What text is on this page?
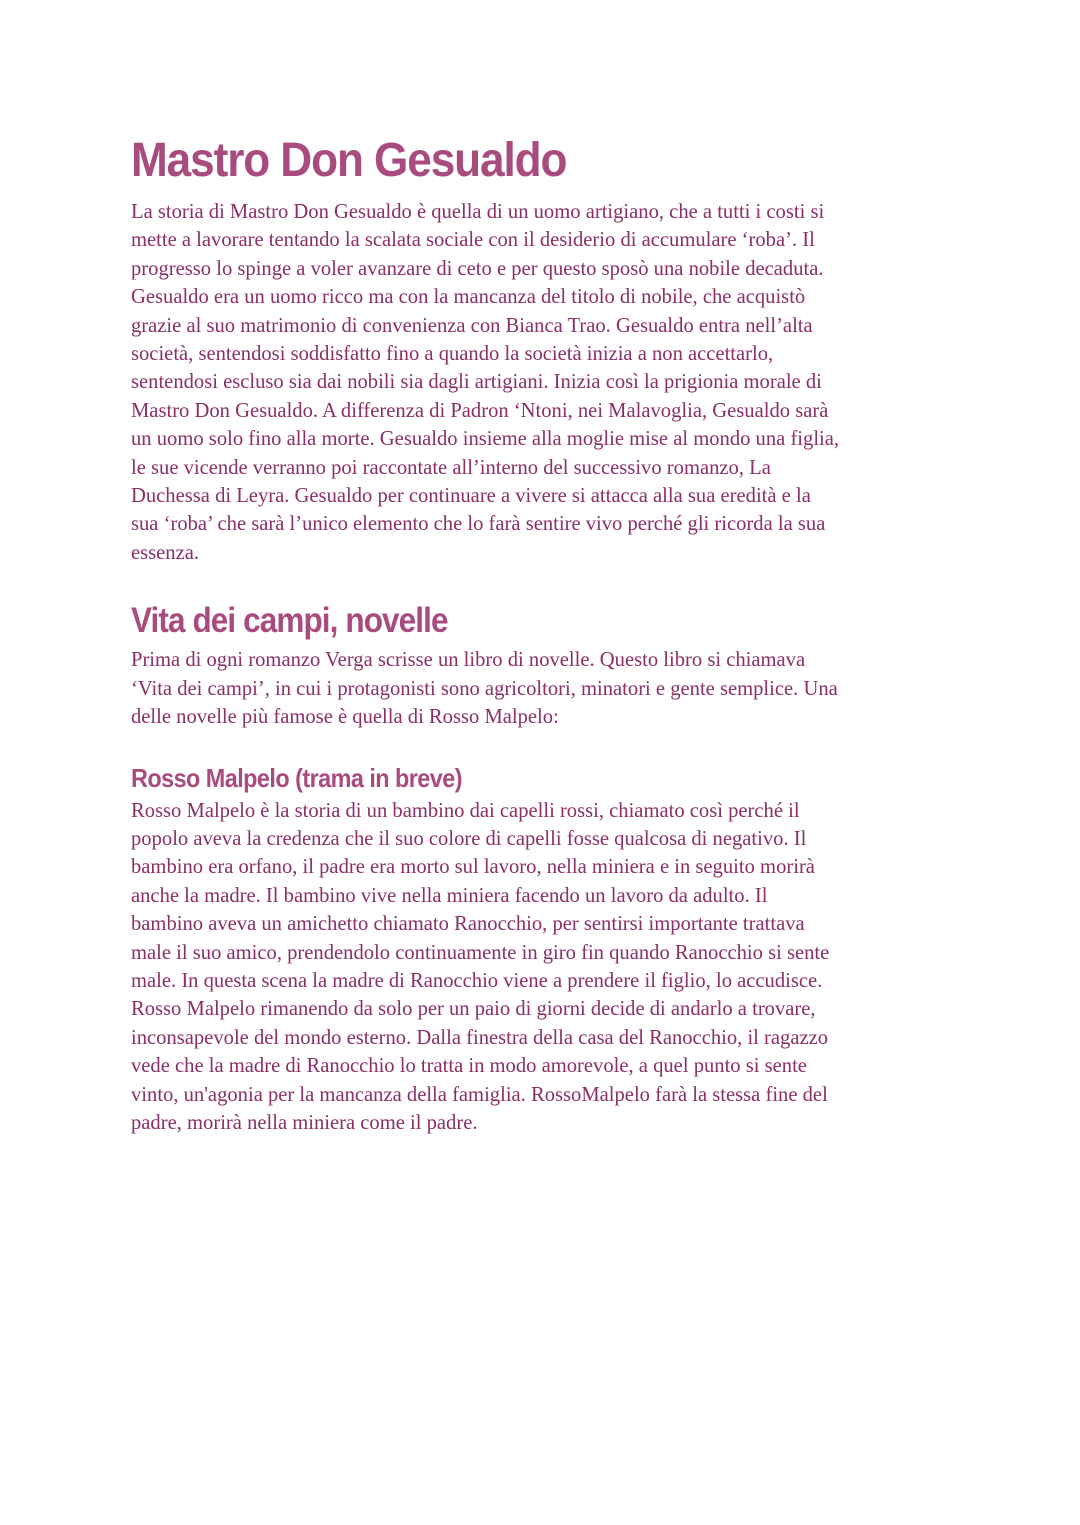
Mastro Don Gesualdo

La storia di Mastro Don Gesualdo è quella di un uomo artigiano, che a tutti i costi si
mette a lavorare tentando la scalata sociale con il desiderio di accumulare ‘roba’. Il
progresso lo spinge a voler avanzare di ceto e per questo sposò una nobile decaduta.
Gesualdo era un uomo ricco ma con la mancanza del titolo di nobile, che acquistò
grazie al suo matrimonio di convenienza con Bianca Trao. Gesualdo entra nell’alta
società, sentendosi soddisfatto fino a quando la società inizia a non accettarlo,
sentendosi escluso sia dai nobili sia dagli artigiani. Inizia così la prigionia morale di
Mastro Don Gesualdo. A differenza di Padron ‘Ntoni, nei Malavoglia, Gesualdo sarà
un uomo solo fino alla morte. Gesualdo insieme alla moglie mise al mondo una figlia,
le sue vicende verranno poi raccontate all’interno del successivo romanzo, La
Duchessa di Leyra. Gesualdo per continuare a vivere si attacca alla sua eredità e la
sua ‘roba’ che sarà l’unico elemento che lo farà sentire vivo perché gli ricorda la sua
essenza.

Vita dei campi, novelle

Prima di ogni romanzo Verga scrisse un libro di novelle. Questo libro si chiamava
‘Vita dei campi’, in cui i protagonisti sono agricoltori, minatori e gente semplice. Una
delle novelle più famose è quella di Rosso Malpelo:

Rosso Malpelo (trama in breve)

Rosso Malpelo è la storia di un bambino dai capelli rossi, chiamato così perché il
popolo aveva la credenza che il suo colore di capelli fosse qualcosa di negativo. Il
bambino era orfano, il padre era morto sul lavoro, nella miniera e in seguito morirà
anche la madre. Il bambino vive nella miniera facendo un lavoro da adulto. Il
bambino aveva un amichetto chiamato Ranocchio, per sentirsi importante trattava
male il suo amico, prendendolo continuamente in giro fin quando Ranocchio si sente
male. In questa scena la madre di Ranocchio viene a prendere il figlio, lo accudisce.
Rosso Malpelo rimanendo da solo per un paio di giorni decide di andarlo a trovare,
inconsapevole del mondo esterno. Dalla finestra della casa del Ranocchio, il ragazzo
vede che la madre di Ranocchio lo tratta in modo amorevole, a quel punto si sente
vinto, un'agonia per la mancanza della famiglia. RossoMalpelo farà la stessa fine del
padre, morirà nella miniera come il padre.
